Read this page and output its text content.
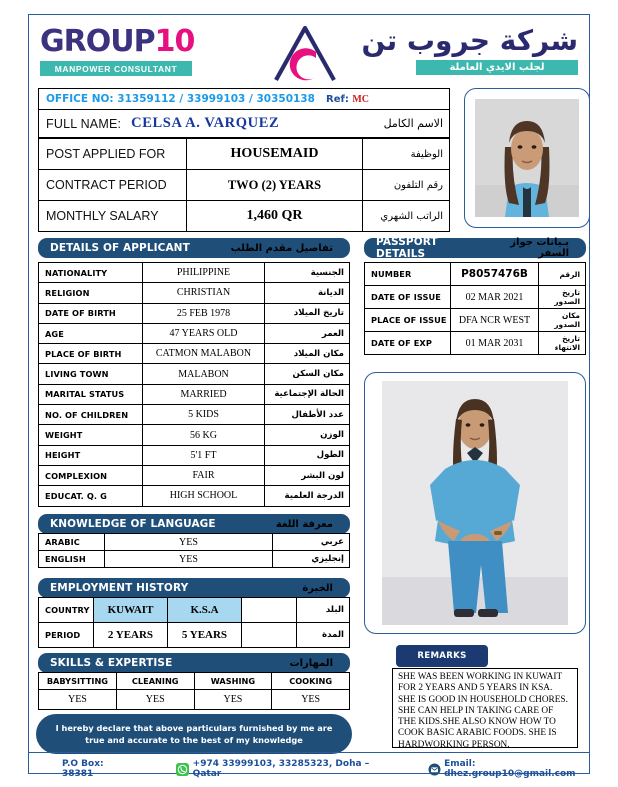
GROUP10
MANPOWER CONSULTANT
شركة جروب تن
لجلب الايدي العاملة
OFFICE NO: 31359112 / 33999103 / 30350138 Ref: MC
FULL NAME: CELSA A. VARQUEZ	الاسم الكامل
POST APPLIED FOR	HOUSEMAID	الوظيفة
CONTRACT PERIOD	TWO (2) YEARS	رقم التلفون
MONTHLY SALARY	1,460 QR	الراتب الشهري
DETAILS OF APPLICANT	تفاصيل مقدم الطلب
NATIONALITY	PHILIPPINE	الجنسية
RELIGION	CHRISTIAN	الديانة
DATE OF BIRTH	25 FEB 1978	تاريخ الميلاد
AGE	47 YEARS OLD	العمر
PLACE OF BIRTH	CATMON MALABON	مكان الميلاد
LIVING TOWN	MALABON	مكان السكن
MARITAL STATUS	MARRIED	الحالة الإجتماعية
NO. OF CHILDREN	5 KIDS	عدد الأطفال
WEIGHT	56 KG	الوزن
HEIGHT	5'1 FT	الطول
COMPLEXION	FAIR	لون البشر
EDUCAT. Q. G	HIGH SCHOOL	الدرجة العلمية
PASSPORT DETAILS
بـيانات جواز السفر
NUMBER	P8057476B	الرقم
DATE OF ISSUE	02 MAR 2021	تاريخ الصدور
PLACE OF ISSUE	DFA NCR WEST	مكان الصدور
DATE OF EXP	01 MAR 2031	تاريخ الانتهاء
KNOWLEDGE OF LANGUAGE	معرفة اللغة
ARABIC	YES	عربي
ENGLISH	YES	إنجليزي
EMPLOYMENT HISTORY	الخبرة
COUNTRY	KUWAIT	K.S.A		البلد
PERIOD	2 YEARS	5 YEARS		المدة
SKILLS & EXPERTISE	المهارات
BABYSITTING	CLEANING	WASHING	COOKING
YES	YES	YES	YES
I hereby declare that above particulars furnished by me are true and accurate to the best of my knowledge
REMARKS
SHE WAS BEEN WORKING IN KUWAIT FOR 2 YEARS AND 5 YEARS IN KSA. SHE IS GOOD IN HOUSEHOLD CHORES. SHE CAN HELP IN TAKING CARE OF THE KIDS.SHE ALSO KNOW HOW TO COOK BASIC ARABIC FOODS. SHE IS HARDWORKING PERSON.
P.O Box: 38381
+974 33999103, 33285323, Doha – Qatar
Email: dhez.group10@gmail.com
